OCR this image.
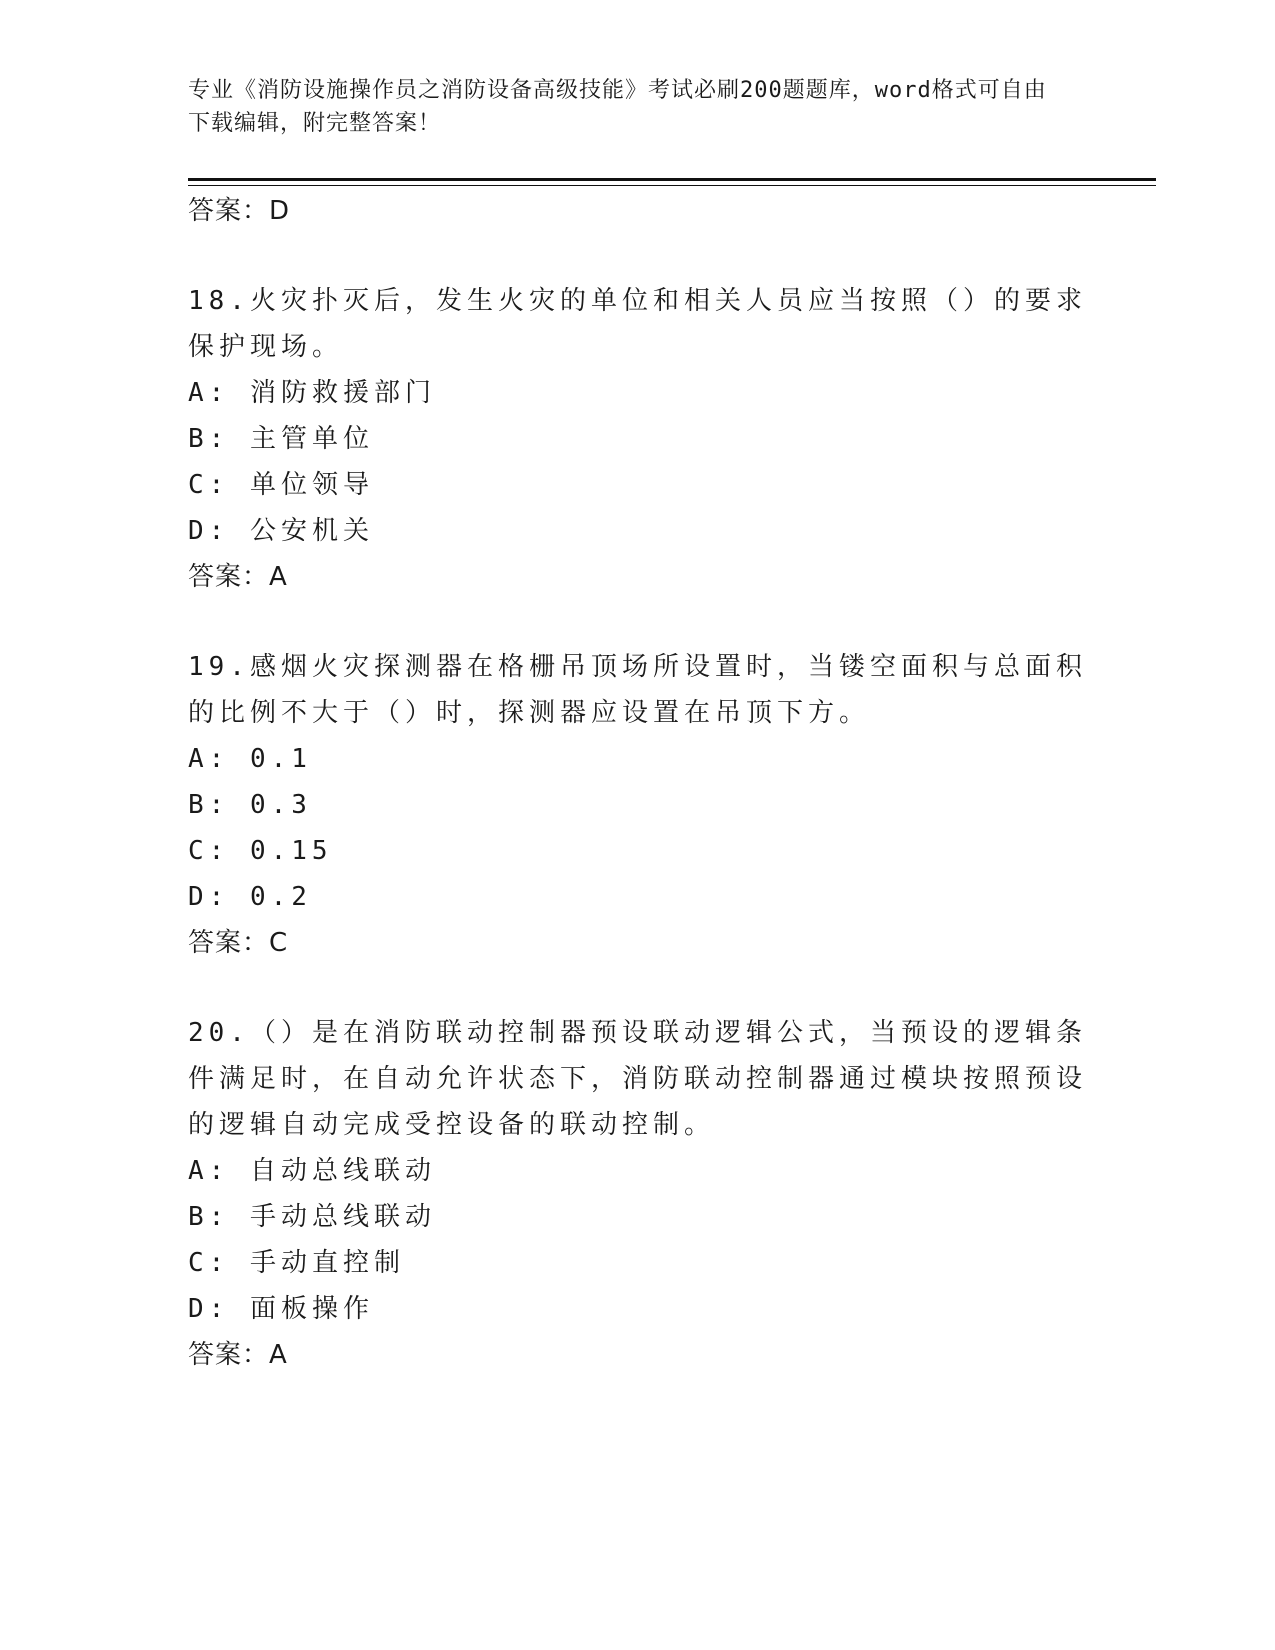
专业《消防设施操作员之消防设备高级技能》考试必刷200题题库，word格式可自由下载编辑，附完整答案！
答案：D
18.火灾扑灭后，发生火灾的单位和相关人员应当按照（）的要求保护现场。
A: 消防救援部门
B: 主管单位
C: 单位领导
D: 公安机关
答案：A
19.感烟火灾探测器在格栅吊顶场所设置时，当镂空面积与总面积的比例不大于（）时，探测器应设置在吊顶下方。
A: 0.1
B: 0.3
C: 0.15
D: 0.2
答案：C
20.（）是在消防联动控制器预设联动逻辑公式，当预设的逻辑条件满足时，在自动允许状态下，消防联动控制器通过模块按照预设的逻辑自动完成受控设备的联动控制。
A: 自动总线联动
B: 手动总线联动
C: 手动直控制
D: 面板操作
答案：A
